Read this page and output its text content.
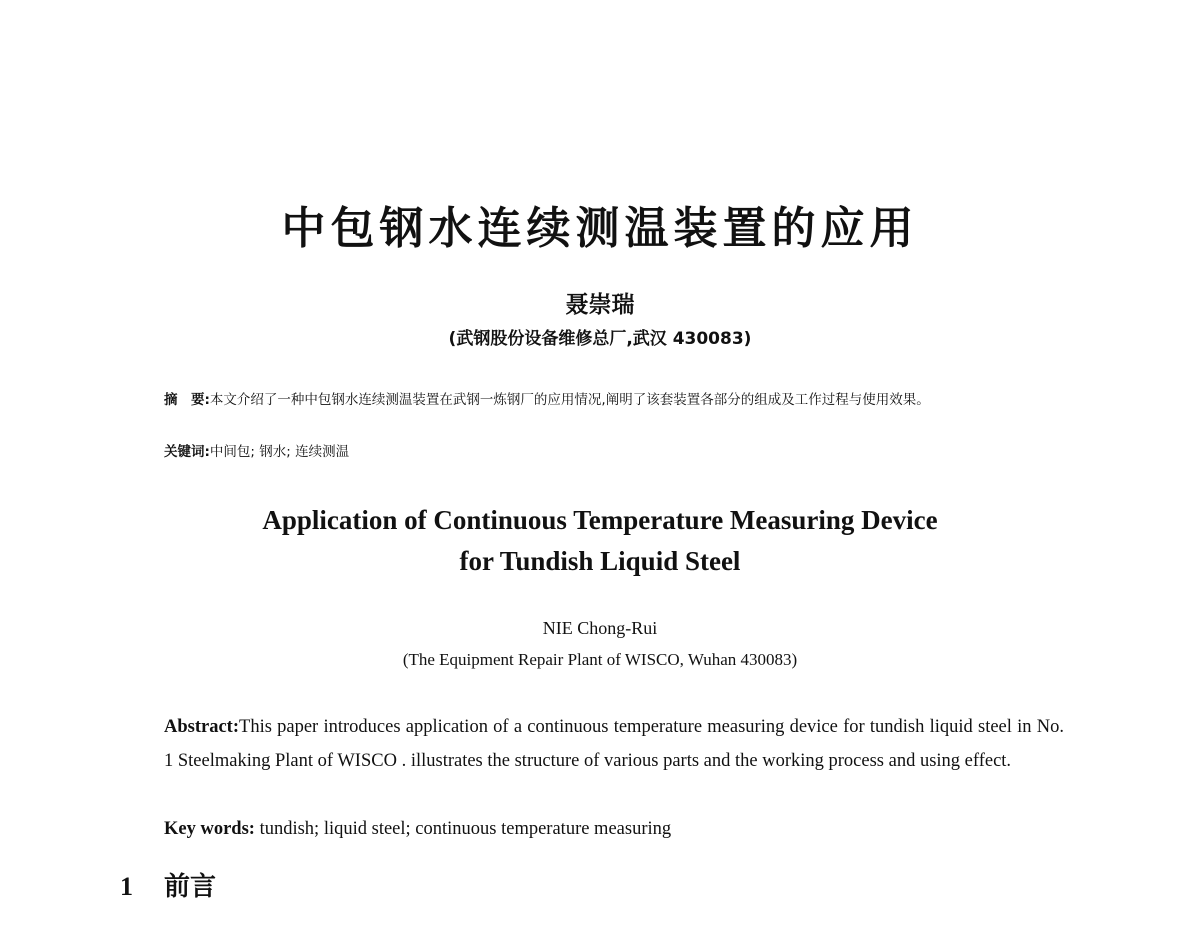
中包钢水连续测温装置的应用
聂崇瑞
(武钢股份设备维修总厂,武汉 430083)
摘　要:本文介绍了一种中包钢水连续测温装置在武钢一炼钢厂的应用情况,阐明了该套装置各部分的组成及工作过程与使用效果。
关键词:中间包; 钢水; 连续测温
Application of Continuous Temperature Measuring Device
for Tundish Liquid Steel
NIE Chong-Rui
(The Equipment Repair Plant of WISCO, Wuhan 430083)
Abstract:This paper introduces application of a continuous temperature measuring device for tundish liquid steel in No. 1 Steelmaking Plant of WISCO . illustrates the structure of various parts and the working process and using effect.
Key words: tundish; liquid steel; continuous temperature measuring
1 前言
